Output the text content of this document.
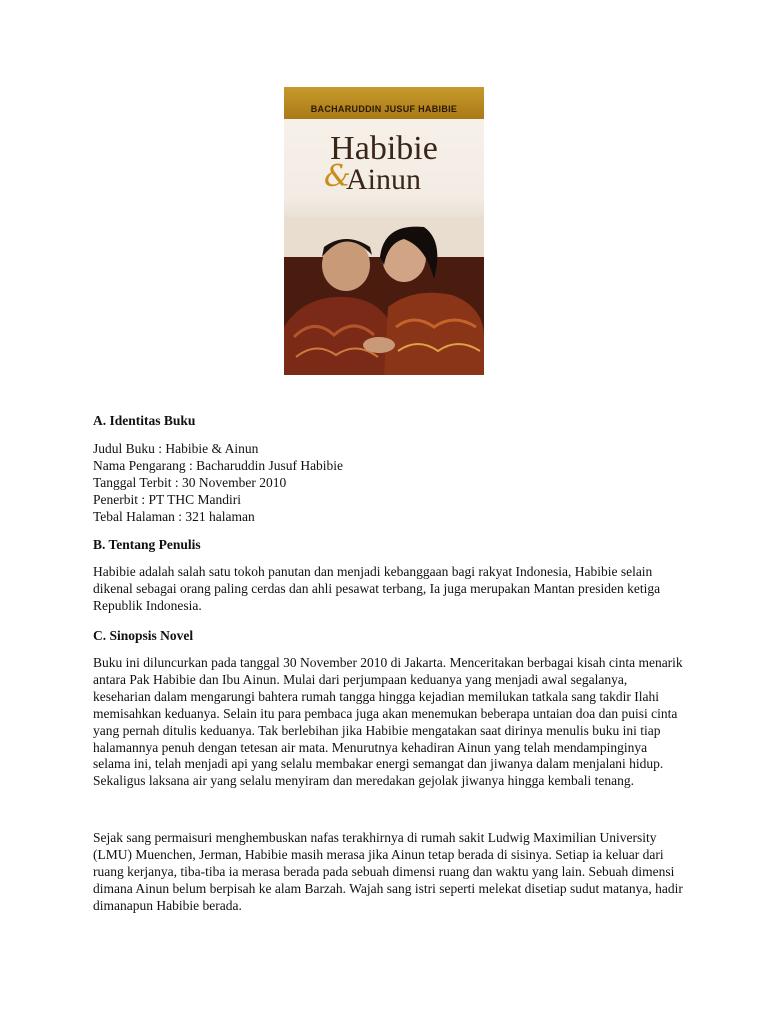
BACHARUDDIN JUSUF HABIBIE
Habibie
&
Ainun
A. Identitas Buku

Judul Buku : Habibie & Ainun

Nama Pengarang : Bacharuddin Jusuf Habibie

Tanggal Terbit : 30 November 2010

Penerbit : PT THC Mandiri

Tebal Halaman : 321 halaman

B. Tentang Penulis

Habibie adalah salah satu tokoh panutan dan menjadi kebanggaan bagi rakyat Indonesia, Habibie selain dikenal sebagai orang paling cerdas dan ahli pesawat terbang, Ia juga merupakan Mantan presiden ketiga Republik Indonesia.

C. Sinopsis Novel

Buku ini diluncurkan pada tanggal 30 November 2010 di Jakarta. Menceritakan berbagai kisah cinta menarik antara Pak Habibie dan Ibu Ainun. Mulai dari perjumpaan keduanya yang menjadi awal segalanya, keseharian dalam mengarungi bahtera rumah tangga hingga kejadian memilukan tatkala sang takdir Ilahi memisahkan keduanya. Selain itu para pembaca juga akan menemukan beberapa untaian doa dan puisi cinta yang pernah ditulis keduanya. Tak berlebihan jika Habibie mengatakan saat dirinya menulis buku ini tiap halamannya penuh dengan tetesan air mata. Menurutnya kehadiran Ainun yang telah mendampinginya selama ini, telah menjadi api yang selalu membakar energi semangat dan jiwanya dalam menjalani hidup. Sekaligus laksana air yang selalu menyiram dan meredakan gejolak jiwanya hingga kembali tenang.

Sejak sang permaisuri menghembuskan nafas terakhirnya di rumah sakit Ludwig Maximilian University (LMU) Muenchen, Jerman, Habibie masih merasa jika Ainun tetap berada di sisinya. Setiap ia keluar dari ruang kerjanya, tiba-tiba ia merasa berada pada sebuah dimensi ruang dan waktu yang lain. Sebuah dimensi dimana Ainun belum berpisah ke alam Barzah. Wajah sang istri seperti melekat disetiap sudut matanya, hadir dimanapun Habibie berada.
